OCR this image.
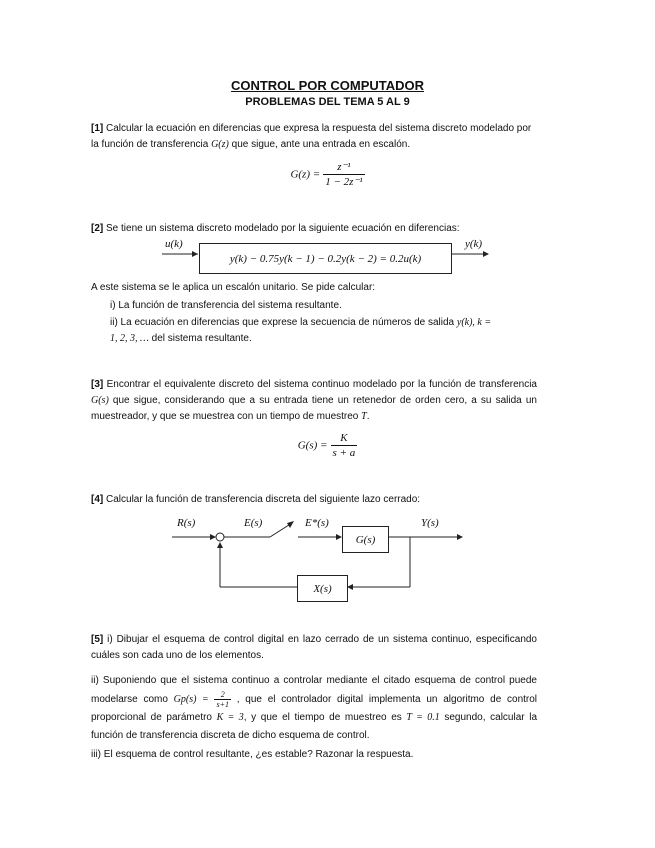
CONTROL POR COMPUTADOR
PROBLEMAS DEL TEMA 5 AL 9
[1] Calcular la ecuación en diferencias que expresa la respuesta del sistema discreto modelado por la función de transferencia G(z) que sigue, ante una entrada en escalón.
$G(z) = \frac{\text{z⁻¹}}{\text{1 − 2z⁻¹}}$
[2] Se tiene un sistema discreto modelado por la siguiente ecuación en diferencias:
u(k)	y(k)
y(k) − 0.75y(k − 1) − 0.2y(k − 2) = 0.2u(k)
A este sistema se le aplica un escalón unitario. Se pide calcular:
i) La función de transferencia del sistema resultante.
ii) La ecuación en diferencias que exprese la secuencia de números de salida y(k), k =
1, 2, 3, … del sistema resultante.
[3] Encontrar el equivalente discreto del sistema continuo modelado por la función de transferencia G(s) que sigue, considerando que a su entrada tiene un retenedor de orden cero, a su salida un muestreador, y que se muestrea con un tiempo de muestreo T.
$G(s) = \frac{K}{s + a}$
[4] Calcular la función de transferencia discreta del siguiente lazo cerrado:
R(s)	E(s)	E*(s)	Y(s)
G(s)
X(s)
[5] i) Dibujar el esquema de control digital en lazo cerrado de un sistema continuo, especificando cuáles son cada uno de los elementos.
ii) Suponiendo que el sistema continuo a controlar mediante el citado esquema de control puede modelarse como $Gp(s) = \frac{2}{s+1}$ , que el controlador digital implementa un algoritmo de control proporcional de parámetro K = 3, y que el tiempo de muestreo es T = 0.1 segundo, calcular la función de transferencia discreta de dicho esquema de control.
iii) El esquema de control resultante, ¿es estable? Razonar la respuesta.
